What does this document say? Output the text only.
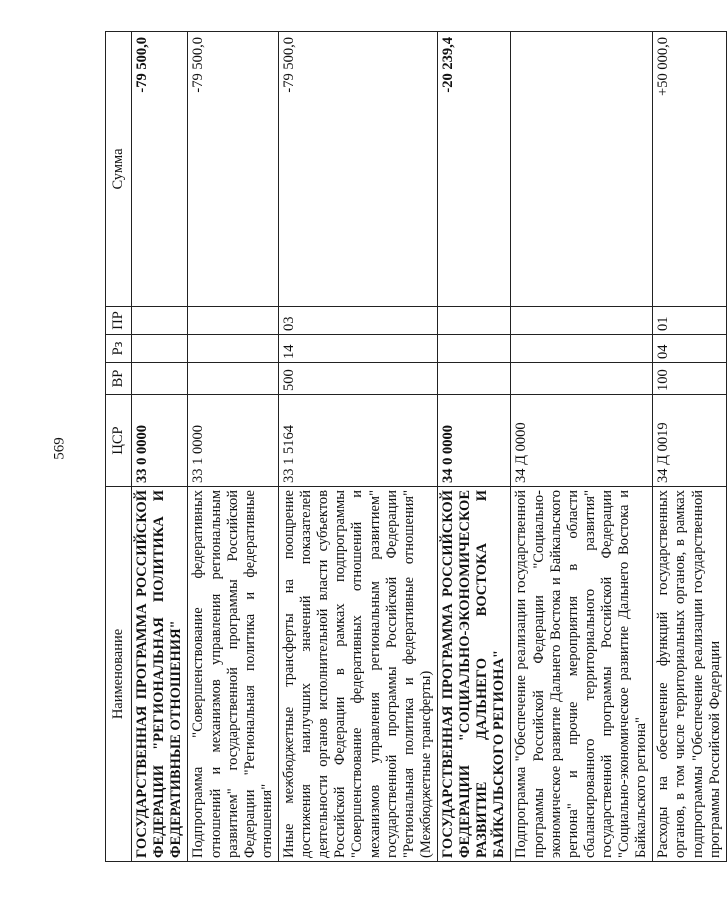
569
Наименование	ЦСР	ВР	Рз	ПР	Сумма
ГОСУДАРСТВЕННАЯ ПРОГРАММА РОССИЙСКОЙ ФЕДЕРАЦИИ "РЕГИОНАЛЬНАЯ ПОЛИТИКА И ФЕДЕРАТИВНЫЕ ОТНОШЕНИЯ"	33 0 0000				-79 500,0
Подпрограмма "Совершенствование федеративных отношений и механизмов управления региональным развитием" государственной программы Российской Федерации "Региональная политика и федеративные отношения"	33 1 0000				-79 500,0
Иные межбюджетные трансферты на поощрение достижения наилучших значений показателей деятельности органов исполнительной власти субъектов Российской Федерации в рамках подпрограммы "Совершенствование федеративных отношений и механизмов управления региональным развитием" государственной программы Российской Федерации "Региональная политика и федеративные отношения" (Межбюджетные трансферты)	33 1 5164	500	14	03	-79 500,0
ГОСУДАРСТВЕННАЯ ПРОГРАММА РОССИЙСКОЙ ФЕДЕРАЦИИ "СОЦИАЛЬНО-ЭКОНОМИЧЕСКОЕ РАЗВИТИЕ ДАЛЬНЕГО ВОСТОКА И БАЙКАЛЬСКОГО РЕГИОНА"	34 0 0000				-20 239,4
Подпрограмма "Обеспечение реализации государственной программы Российской Федерации "Социально-экономическое развитие Дальнего Востока и Байкальского региона" и прочие мероприятия в области сбалансированного территориального развития" государственной программы Российской Федерации "Социально-экономическое развитие Дальнего Востока и Байкальского региона"	34 Д 0000				
Расходы на обеспечение функций государственных органов, в том числе территориальных органов, в рамках подпрограммы "Обеспечение реализации государственной программы Российской Федерации	34 Д 0019	100	04	01	+50 000,0
